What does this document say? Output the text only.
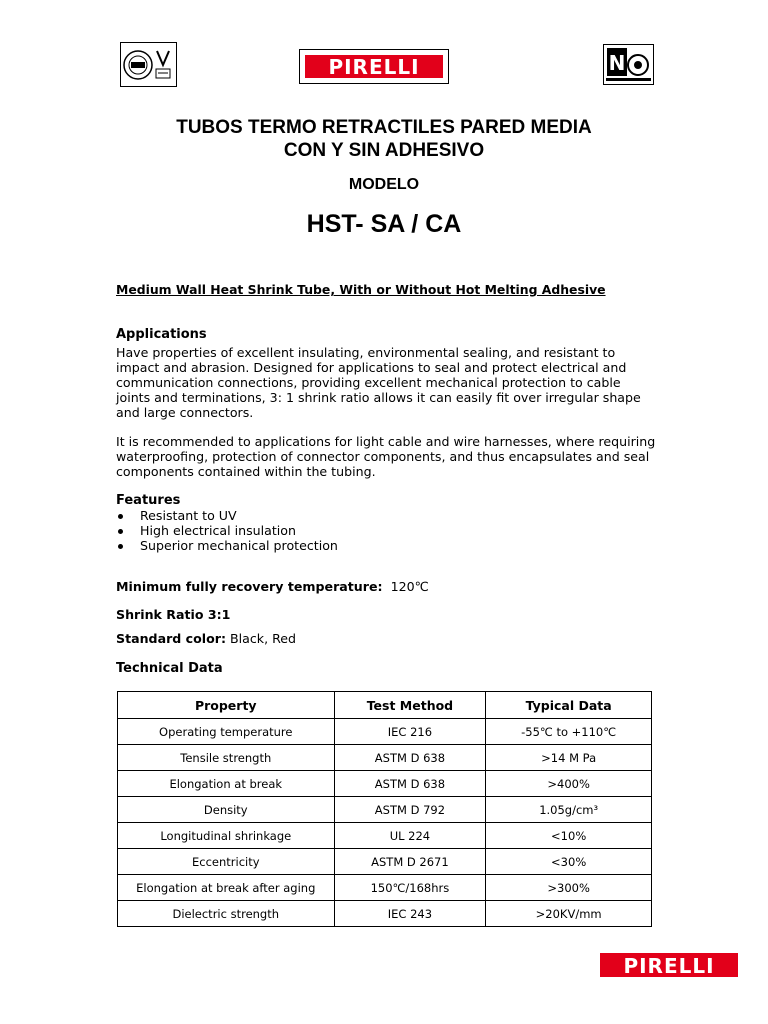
PIRELLI	N
TUBOS TERMO RETRACTILES PARED MEDIA
CON Y SIN ADHESIVO
MODELO
HST- SA / CA
Medium Wall Heat Shrink Tube, With or Without Hot Melting Adhesive
Applications
Have properties of excellent insulating, environmental sealing, and resistant to impact and abrasion. Designed for applications to seal and protect electrical and communication connections, providing excellent mechanical protection to cable joints and terminations, 3: 1 shrink ratio allows it can easily fit over irregular shape and large connectors.
It is recommended to applications for light cable and wire harnesses, where requiring waterproofing, protection of connector components, and thus encapsulates and seal components contained within the tubing.
Features
Resistant to UV
High electrical insulation
Superior mechanical protection
Minimum fully recovery temperature: 120℃
Shrink Ratio 3:1
Standard color: Black, Red
Technical Data
Property	Test Method	Typical Data
Operating temperature	IEC 216	-55℃ to +110℃
Tensile strength	ASTM D 638	>14 M Pa
Elongation at break	ASTM D 638	>400%
Density	ASTM D 792	1.05g/cm³
Longitudinal shrinkage	UL 224	<10%
Eccentricity	ASTM D 2671	<30%
Elongation at break after aging	150℃/168hrs	>300%
Dielectric strength	IEC 243	>20KV/mm
PIRELLI
